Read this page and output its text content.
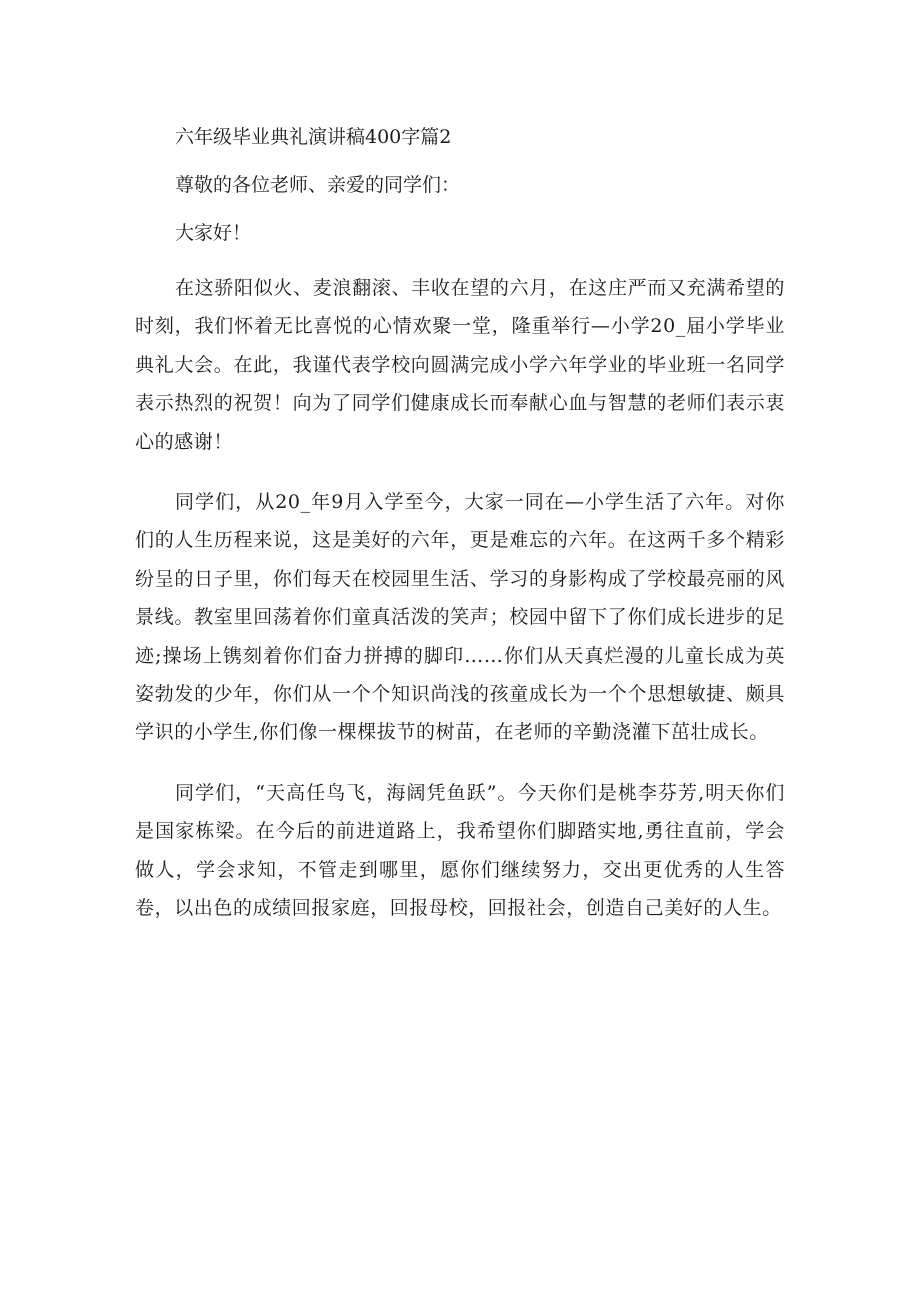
六年级毕业典礼演讲稿400字篇2

尊敬的各位老师、亲爱的同学们：

大家好！

在这骄阳似火、麦浪翻滚、丰收在望的六月，在这庄严而又充满希望的时刻，我们怀着无比喜悦的心情欢聚一堂，隆重举行—小学20_届小学毕业典礼大会。在此，我谨代表学校向圆满完成小学六年学业的毕业班一名同学表示热烈的祝贺！向为了同学们健康成长而奉献心血与智慧的老师们表示衷心的感谢！

同学们，从20_年9月入学至今，大家一同在—小学生活了六年。对你们的人生历程来说，这是美好的六年，更是难忘的六年。在这两千多个精彩纷呈的日子里，你们每天在校园里生活、学习的身影构成了学校最亮丽的风景线。教室里回荡着你们童真活泼的笑声；校园中留下了你们成长进步的足迹;操场上镌刻着你们奋力拼搏的脚印……你们从天真烂漫的儿童长成为英姿勃发的少年，你们从一个个知识尚浅的孩童成长为一个个思想敏捷、颇具学识的小学生,你们像一棵棵拔节的树苗，在老师的辛勤浇灌下茁壮成长。

同学们，“天高任鸟飞，海阔凭鱼跃”。今天你们是桃李芬芳,明天你们是国家栋梁。在今后的前进道路上，我希望你们脚踏实地,勇往直前，学会做人，学会求知，不管走到哪里，愿你们继续努力，交出更优秀的人生答卷，以出色的成绩回报家庭，回报母校，回报社会，创造自己美好的人生。
